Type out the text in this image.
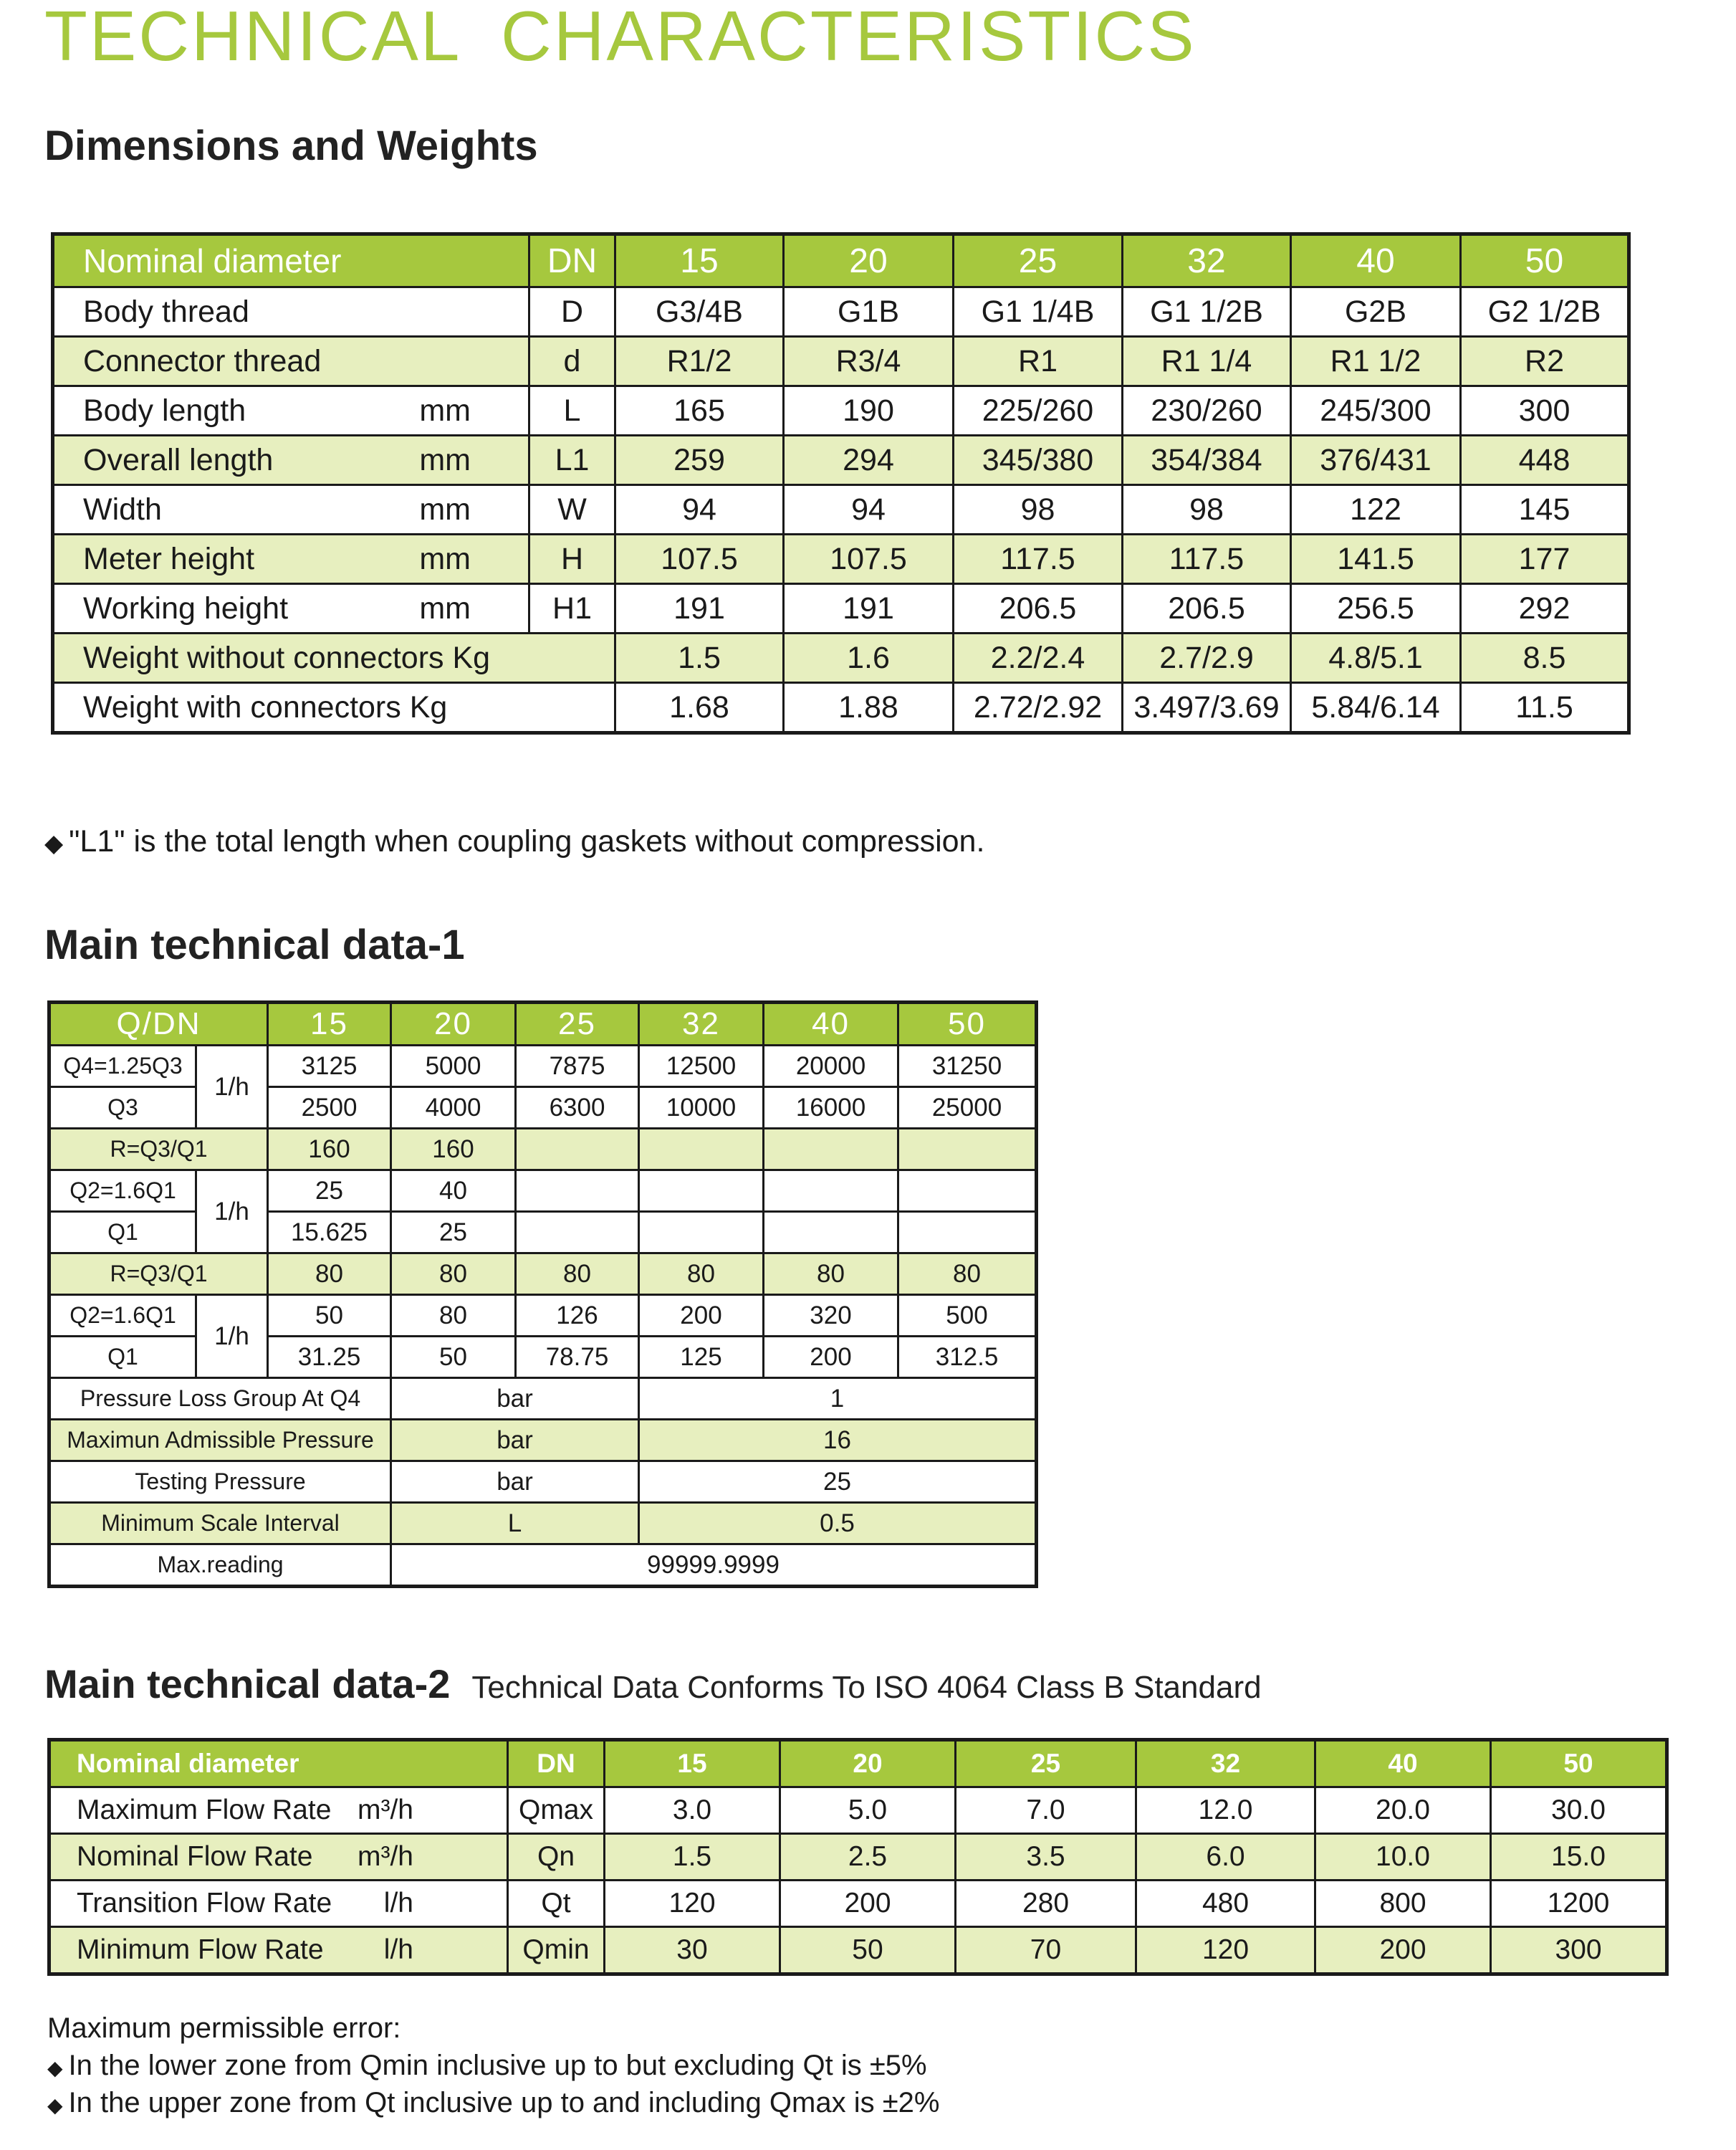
TECHNICAL CHARACTERISTICS
Dimensions and Weights
Nominal diameter	DN	15	20	25	32	40	50
Body thread	D	G3/4B	G1B	G1 1/4B	G1 1/2B	G2B	G2 1/2B
Connector thread	d	R1/2	R3/4	R1	R1 1/4	R1 1/2	R2
Body length mm	L	165	190	225/260	230/260	245/300	300
Overall length mm	L1	259	294	345/380	354/384	376/431	448
Width mm	W	94	94	98	98	122	145
Meter height mm	H	107.5	107.5	117.5	117.5	141.5	177
Working height mm	H1	191	191	206.5	206.5	256.5	292
Weight without connectors Kg		1.5	1.6	2.2/2.4	2.7/2.9	4.8/5.1	8.5
Weight with connectors Kg		1.68	1.88	2.72/2.92	3.497/3.69	5.84/6.14	11.5
◆ "L1" is the total length when coupling gaskets without compression.
Main technical data-1
Q/DN		15	20	25	32	40	50
Q4=1.25Q3	1/h	3125	5000	7875	12500	20000	31250
Q3		2500	4000	6300	10000	16000	25000
R=Q3/Q1		160	160				
Q2=1.6Q1	1/h	25	40				
Q1		15.625	25				
R=Q3/Q1		80	80	80	80	80	80
Q2=1.6Q1	1/h	50	80	126	200	320	500
Q1		31.25	50	78.75	125	200	312.5
Pressure Loss Group At Q4			bar		1		
Maximun Admissible Pressure			bar		16		
Testing Pressure			bar		25		
Minimum Scale Interval			L		0.5		
Max.reading			99999.9999				
Main technical data-2 Technical Data Conforms To ISO 4064 Class B Standard
Nominal diameter	DN	15	20	25	32	40	50
Maximum Flow Rate m³/h	Qmax	3.0	5.0	7.0	12.0	20.0	30.0
Nominal Flow Rate m³/h	Qn	1.5	2.5	3.5	6.0	10.0	15.0
Transition Flow Rate l/h	Qt	120	200	280	480	800	1200
Minimum Flow Rate l/h	Qmin	30	50	70	120	200	300
Maximum permissible error:
◆ In the lower zone from Qmin inclusive up to but excluding Qt is ±5%
◆ In the upper zone from Qt inclusive up to and including Qmax is ±2%
